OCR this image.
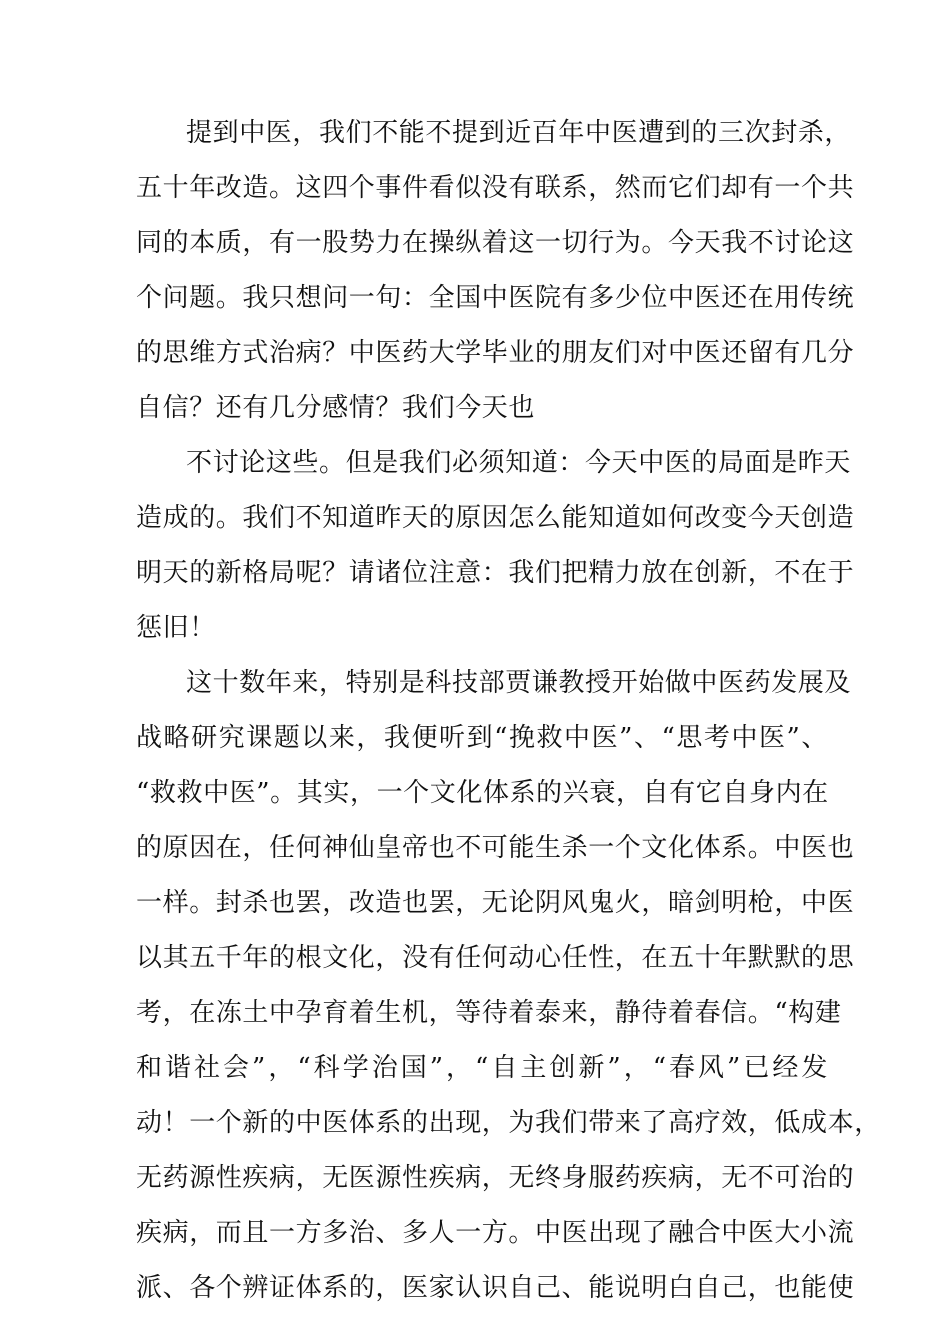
提到中医，我们不能不提到近百年中医遭到的三次封杀，
五十年改造。这四个事件看似没有联系，然而它们却有一个共
同的本质，有一股势力在操纵着这一切行为。今天我不讨论这
个问题。我只想问一句：全国中医院有多少位中医还在用传统
的思维方式治病？中医药大学毕业的朋友们对中医还留有几分
自信？还有几分感情？我们今天也
不讨论这些。但是我们必须知道：今天中医的局面是昨天
造成的。我们不知道昨天的原因怎么能知道如何改变今天创造
明天的新格局呢？请诸位注意：我们把精力放在创新，不在于
惩旧！
这十数年来，特别是科技部贾谦教授开始做中医药发展及
战略研究课题以来，我便听到“挽救中医”、“思考中医”、
“救救中医”。其实，一个文化体系的兴衰，自有它自身内在
的原因在，任何神仙皇帝也不可能生杀一个文化体系。中医也
一样。封杀也罢，改造也罢，无论阴风鬼火，暗剑明枪，中医
以其五千年的根文化，没有任何动心任性，在五十年默默的思
考，在冻土中孕育着生机，等待着泰来，静待着春信。“构建
和谐社会”，“科学治国”，“自主创新”，“春风”已经发
动！一个新的中医体系的出现，为我们带来了高疗效，低成本，
无药源性疾病，无医源性疾病，无终身服药疾病，无不可治的
疾病，而且一方多治、多人一方。中医出现了融合中医大小流
派、各个辨证体系的，医家认识自己、能说明白自己，也能使
